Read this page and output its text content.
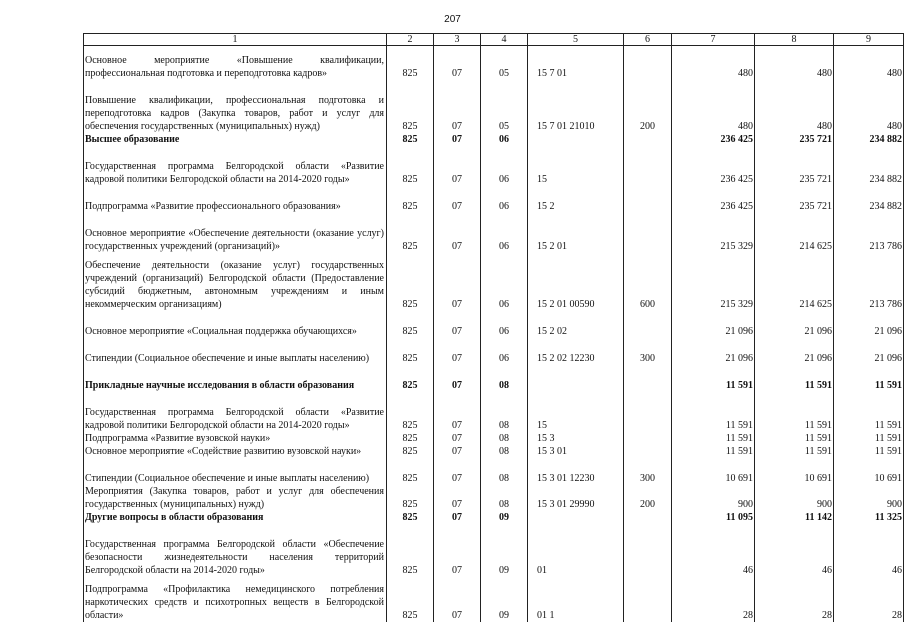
207
1	2	3	4	5	6	7	8	9

Основное мероприятие «Повышение квалификации, профессиональная подготовка и переподготовка кадров»	825	07	05	15 7 01		480	480	480

Повышение квалификации, профессиональная подготовка и переподготовка кадров (Закупка товаров, работ и услуг для обеспечения государственных (муниципальных) нужд)	825	07	05	15 7 01 21010	200	480	480	480
Высшее образование	825	07	06			236 425	235 721	234 882

Государственная программа Белгородской области «Развитие кадровой политики Белгородской области на 2014-2020 годы»	825	07	06	15		236 425	235 721	234 882

Подпрограмма «Развитие профессионального образования»	825	07	06	15 2		236 425	235 721	234 882

Основное мероприятие «Обеспечение деятельности (оказание услуг) государственных учреждений (организаций)»	825	07	06	15 2 01		215 329	214 625	213 786

Обеспечение деятельности (оказание услуг) государственных учреждений (организаций) Белгородской области (Предоставление субсидий бюджетным, автономным учреждениям и иным некоммерческим организациям)	825	07	06	15 2 01 00590	600	215 329	214 625	213 786

Основное мероприятие «Социальная поддержка обучающихся»	825	07	06	15 2 02		21 096	21 096	21 096

Стипендии (Социальное обеспечение и иные выплаты населению)	825	07	06	15 2 02 12230	300	21 096	21 096	21 096

Прикладные научные исследования в области образования	825	07	08			11 591	11 591	11 591

Государственная программа Белгородской области «Развитие кадровой политики Белгородской области на 2014-2020 годы»	825	07	08	15		11 591	11 591	11 591
Подпрограмма «Развитие вузовской науки»	825	07	08	15 3		11 591	11 591	11 591
Основное мероприятие «Содействие развитию вузовской науки»	825	07	08	15 3 01		11 591	11 591	11 591

Стипендии (Социальное обеспечение и иные выплаты населению)	825	07	08	15 3 01 12230	300	10 691	10 691	10 691
Мероприятия (Закупка товаров, работ и услуг для обеспечения государственных (муниципальных) нужд)	825	07	08	15 3 01 29990	200	900	900	900
Другие вопросы в области образования	825	07	09			11 095	11 142	11 325

Государственная программа Белгородской области «Обеспечение безопасности жизнедеятельности населения территорий Белгородской области на 2014-2020 годы»	825	07	09	01		46	46	46

Подпрограмма «Профилактика немедицинского потребления наркотических средств и психотропных веществ в Белгородской области»	825	07	09	01 1		28	28	28
